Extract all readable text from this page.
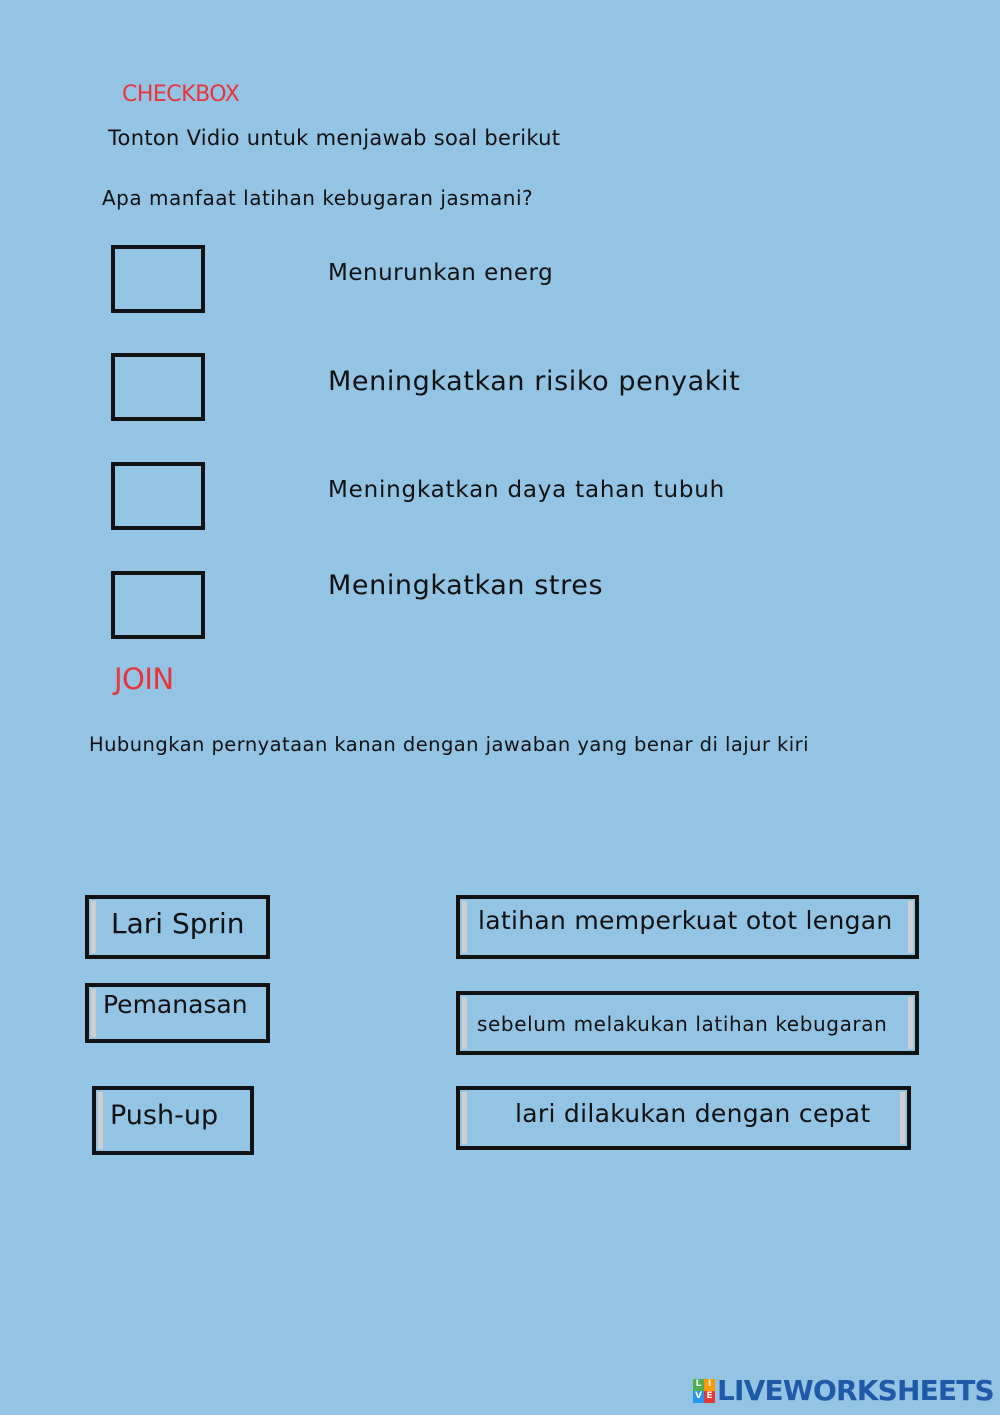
CHECKBOX
Tonton Vidio untuk menjawab soal berikut
Apa manfaat latihan kebugaran jasmani?
Menurunkan energ
Meningkatkan risiko penyakit
Meningkatkan daya tahan tubuh
Meningkatkan stres
JOIN
Hubungkan pernyataan kanan dengan jawaban yang benar di lajur kiri
Lari Sprin
Pemanasan
Push-up
latihan memperkuat otot lengan
sebelum melakukan latihan kebugaran
lari dilakukan dengan cepat
L I
V E LIVEWORKSHEETS
